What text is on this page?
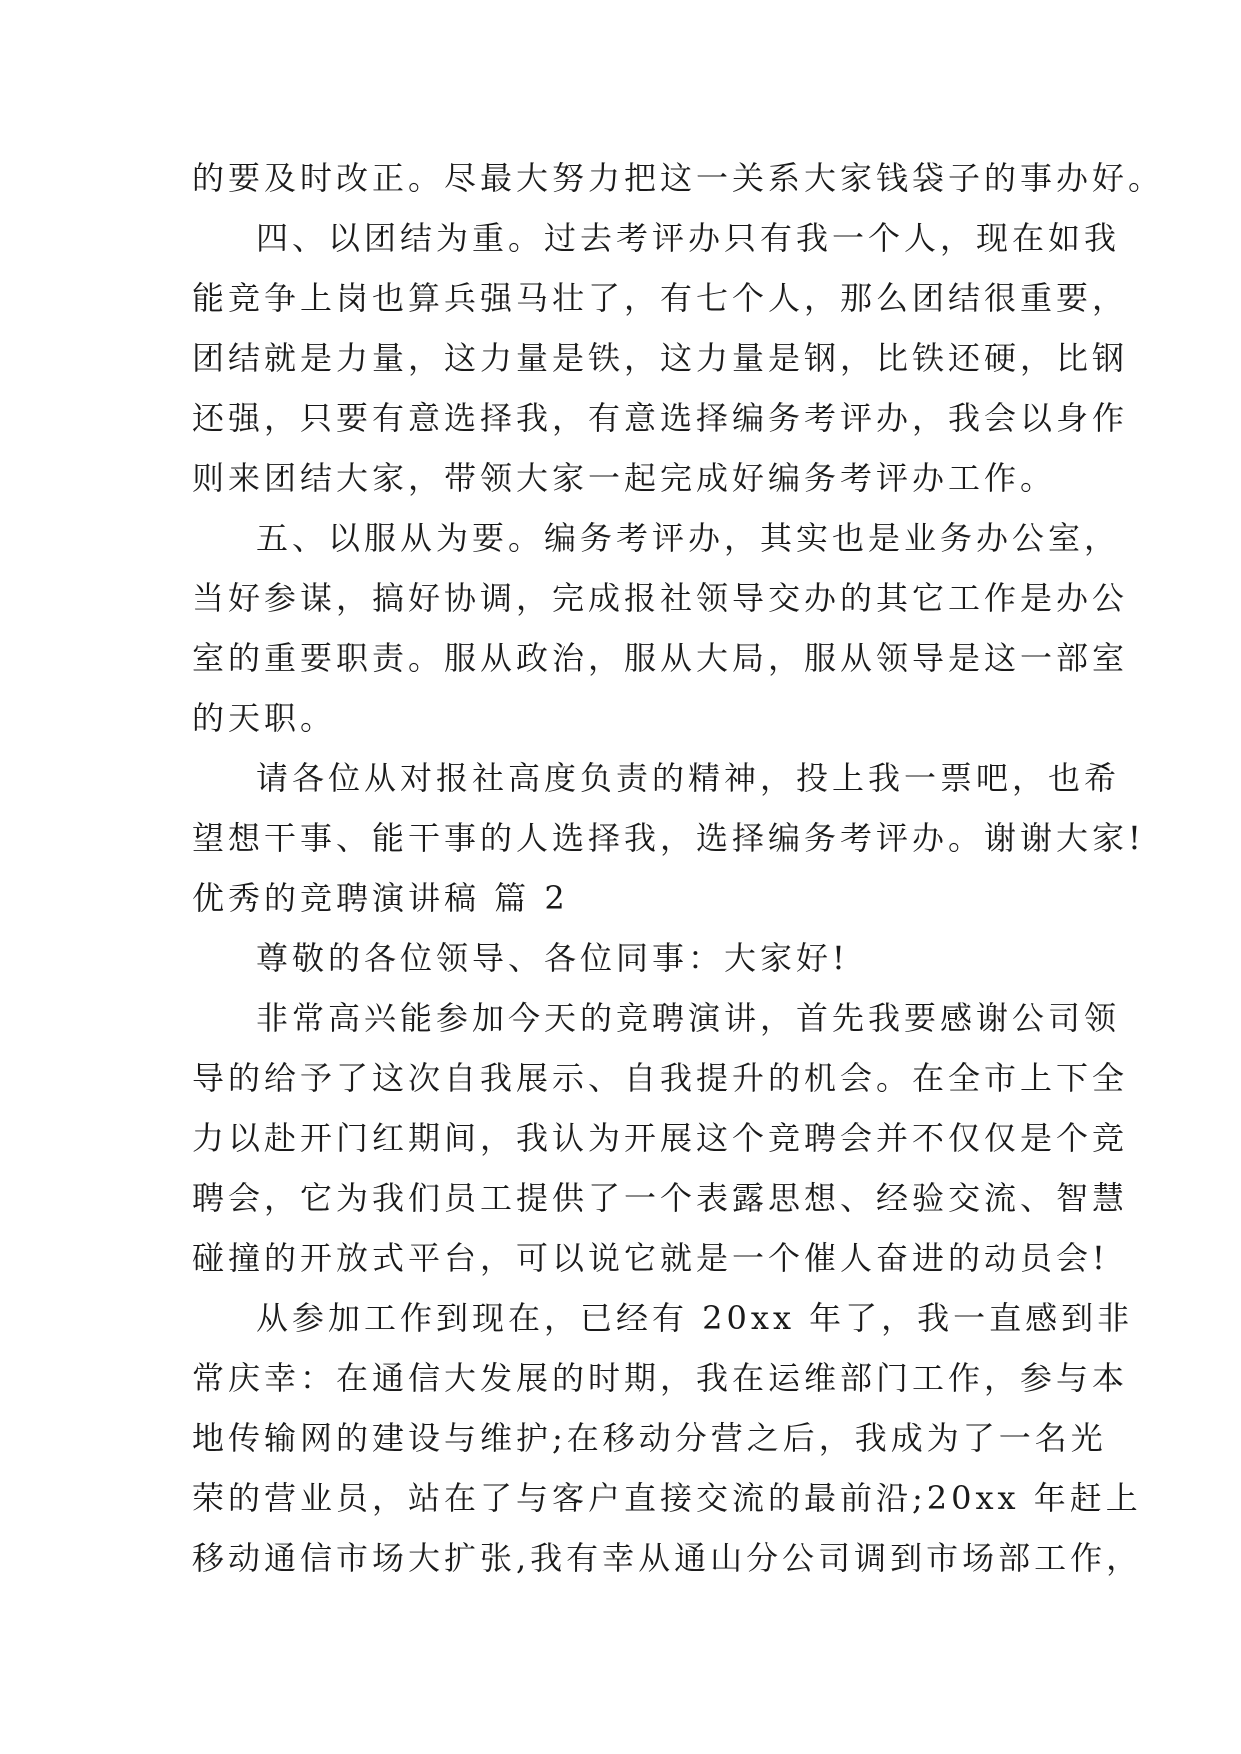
的要及时改正。尽最大努力把这一关系大家钱袋子的事办好。
四、以团结为重。过去考评办只有我一个人，现在如我
能竞争上岗也算兵强马壮了，有七个人，那么团结很重要，
团结就是力量，这力量是铁，这力量是钢，比铁还硬，比钢
还强，只要有意选择我，有意选择编务考评办，我会以身作
则来团结大家，带领大家一起完成好编务考评办工作。
五、以服从为要。编务考评办，其实也是业务办公室，
当好参谋，搞好协调，完成报社领导交办的其它工作是办公
室的重要职责。服从政治，服从大局，服从领导是这一部室
的天职。
请各位从对报社高度负责的精神，投上我一票吧，也希
望想干事、能干事的人选择我，选择编务考评办。谢谢大家!
优秀的竞聘演讲稿 篇 2
尊敬的各位领导、各位同事：大家好!
非常高兴能参加今天的竞聘演讲，首先我要感谢公司领
导的给予了这次自我展示、自我提升的机会。在全市上下全
力以赴开门红期间，我认为开展这个竞聘会并不仅仅是个竞
聘会，它为我们员工提供了一个表露思想、经验交流、智慧
碰撞的开放式平台，可以说它就是一个催人奋进的动员会!
从参加工作到现在，已经有 20xx 年了，我一直感到非
常庆幸：在通信大发展的时期，我在运维部门工作，参与本
地传输网的建设与维护;在移动分营之后，我成为了一名光
荣的营业员，站在了与客户直接交流的最前沿;20xx 年赶上
移动通信市场大扩张,我有幸从通山分公司调到市场部工作，
